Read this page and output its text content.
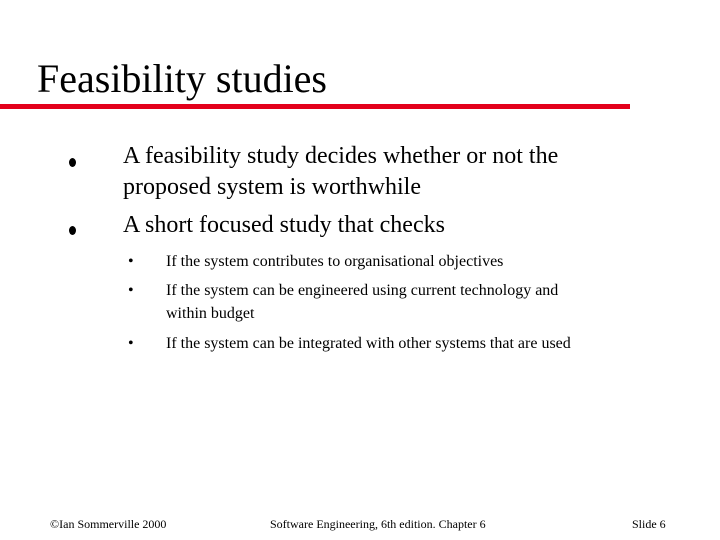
Feasibility studies
A feasibility study decides whether or not the
proposed system is worthwhile
A short focused study that checks
• If the system contributes to organisational objectives
• If the system can be engineered using current technology and
within budget
• If the system can be integrated with other systems that are used
©Ian Sommerville 2000	Software Engineering, 6th edition. Chapter 6	Slide 6
